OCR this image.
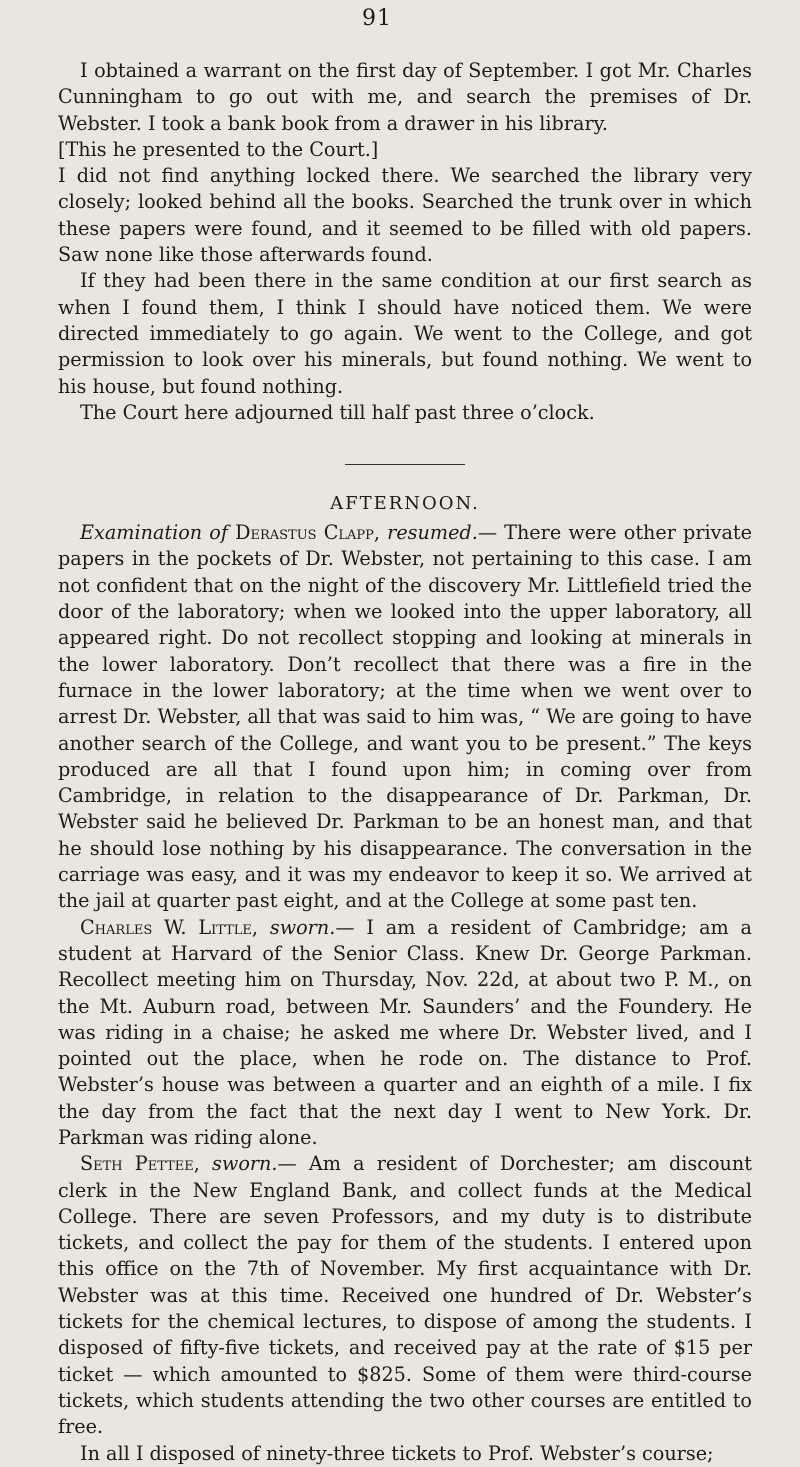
91

I obtained a warrant on the first day of September. I got Mr. Charles Cunningham to go out with me, and search the premises of Dr. Webster. I took a bank book from a drawer in his library.

[This he presented to the Court.]

I did not find anything locked there. We searched the library very closely; looked behind all the books. Searched the trunk over in which these papers were found, and it seemed to be filled with old papers. Saw none like those afterwards found.

If they had been there in the same condition at our first search as when I found them, I think I should have noticed them. We were directed immediately to go again. We went to the College, and got permission to look over his minerals, but found nothing. We went to his house, but found nothing.

The Court here adjourned till half past three o’clock.

AFTERNOON.

Examination of Derastus Clapp, resumed.— There were other private papers in the pockets of Dr. Webster, not pertaining to this case. I am not confident that on the night of the discovery Mr. Littlefield tried the door of the laboratory; when we looked into the upper laboratory, all appeared right. Do not recollect stopping and looking at minerals in the lower laboratory. Don’t recollect that there was a fire in the furnace in the lower laboratory; at the time when we went over to arrest Dr. Webster, all that was said to him was, “ We are going to have another search of the College, and want you to be present.” The keys produced are all that I found upon him; in coming over from Cambridge, in relation to the disappearance of Dr. Parkman, Dr. Webster said he believed Dr. Parkman to be an honest man, and that he should lose nothing by his disappearance. The conversation in the carriage was easy, and it was my endeavor to keep it so. We arrived at the jail at quarter past eight, and at the College at some past ten.

Charles W. Little, sworn.— I am a resident of Cambridge; am a student at Harvard of the Senior Class. Knew Dr. George Parkman. Recollect meeting him on Thursday, Nov. 22d, at about two P. M., on the Mt. Auburn road, between Mr. Saunders’ and the Foundery. He was riding in a chaise; he asked me where Dr. Webster lived, and I pointed out the place, when he rode on. The distance to Prof. Webster’s house was between a quarter and an eighth of a mile. I fix the day from the fact that the next day I went to New York. Dr. Parkman was riding alone.

Seth Pettee, sworn.— Am a resident of Dorchester; am discount clerk in the New England Bank, and collect funds at the Medical College. There are seven Professors, and my duty is to distribute tickets, and collect the pay for them of the students. I entered upon this office on the 7th of November. My first acquaintance with Dr. Webster was at this time. Received one hundred of Dr. Webster’s tickets for the chemical lectures, to dispose of among the students. I disposed of fifty-five tickets, and received pay at the rate of $15 per ticket — which amounted to $825. Some of them were third-course tickets, which students attending the two other courses are entitled to free.

In all I disposed of ninety-three tickets to Prof. Webster’s course;
